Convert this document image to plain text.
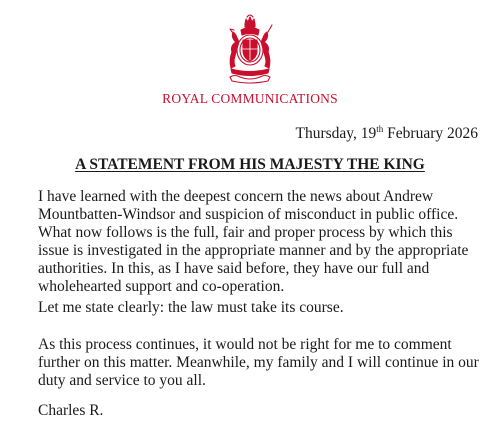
ROYAL COMMUNICATIONS
Thursday, 19th February 2026
A STATEMENT FROM HIS MAJESTY THE KING

I have learned with the deepest concern the news about Andrew Mountbatten-Windsor and suspicion of misconduct in public office. What now follows is the full, fair and proper process by which this issue is investigated in the appropriate manner and by the appropriate authorities. In this, as I have said before, they have our full and wholehearted support and co-operation.

Let me state clearly: the law must take its course.

As this process continues, it would not be right for me to comment further on this matter. Meanwhile, my family and I will continue in our duty and service to you all.

Charles R.
